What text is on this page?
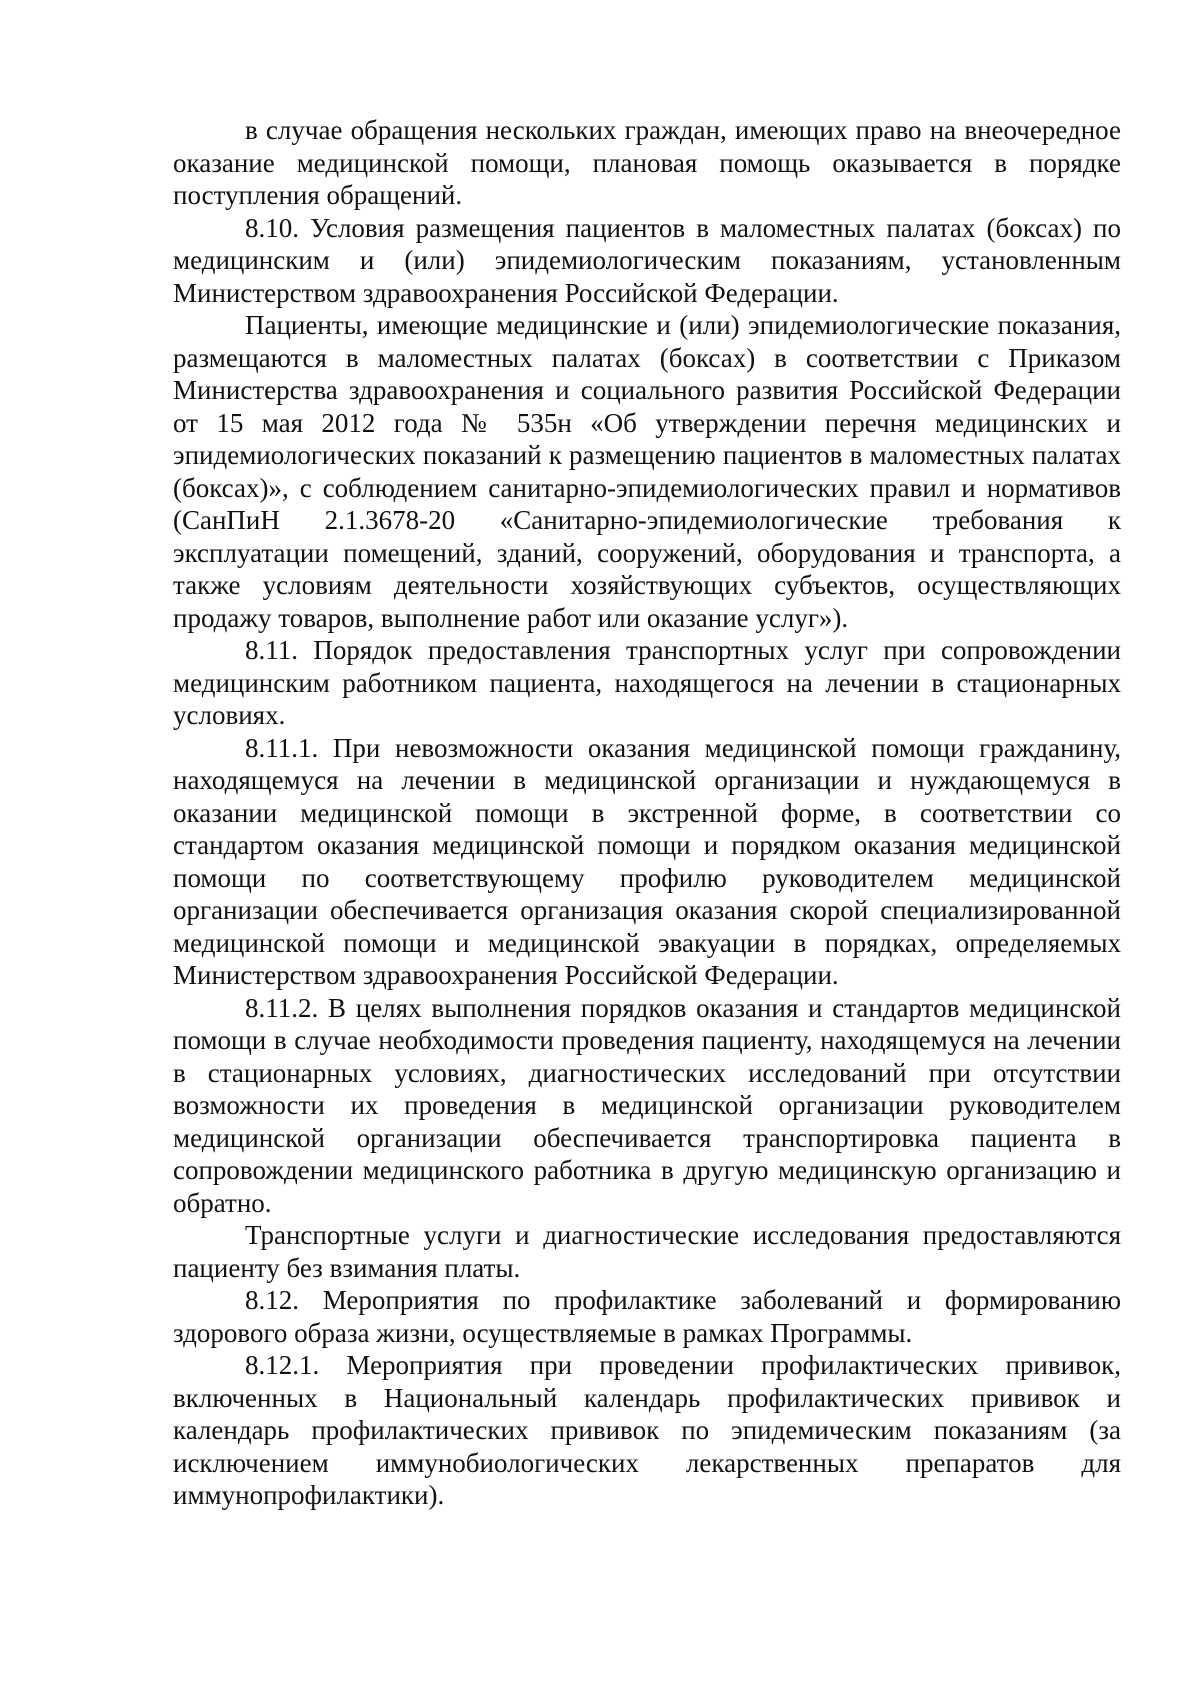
в случае обращения нескольких граждан, имеющих право на внеочередное оказание медицинской помощи, плановая помощь оказывается в порядке поступления обращений.

8.10. Условия размещения пациентов в маломестных палатах (боксах) по медицинским и (или) эпидемиологическим показаниям, установленным Министерством здравоохранения Российской Федерации.

Пациенты, имеющие медицинские и (или) эпидемиологические показания, размещаются в маломестных палатах (боксах) в соответствии с Приказом Министерства здравоохранения и социального развития Российской Федерации от 15 мая 2012 года № 535н «Об утверждении перечня медицинских и эпидемиологических показаний к размещению пациентов в маломестных палатах (боксах)», с соблюдением санитарно-эпидемиологических правил и нормативов (СанПиН 2.1.3678-20 «Санитарно-эпидемиологические требования к эксплуатации помещений, зданий, сооружений, оборудования и транспорта, а также условиям деятельности хозяйствующих субъектов, осуществляющих продажу товаров, выполнение работ или оказание услуг»).

8.11. Порядок предоставления транспортных услуг при сопровождении медицинским работником пациента, находящегося на лечении в стационарных условиях.

8.11.1. При невозможности оказания медицинской помощи гражданину, находящемуся на лечении в медицинской организации и нуждающемуся в оказании медицинской помощи в экстренной форме, в соответствии со стандартом оказания медицинской помощи и порядком оказания медицинской помощи по соответствующему профилю руководителем медицинской организации обеспечивается организация оказания скорой специализированной медицинской помощи и медицинской эвакуации в порядках, определяемых Министерством здравоохранения Российской Федерации.

8.11.2. В целях выполнения порядков оказания и стандартов медицинской помощи в случае необходимости проведения пациенту, находящемуся на лечении в стационарных условиях, диагностических исследований при отсутствии возможности их проведения в медицинской организации руководителем медицинской организации обеспечивается транспортировка пациента в сопровождении медицинского работника в другую медицинскую организацию и обратно.

Транспортные услуги и диагностические исследования предоставляются пациенту без взимания платы.

8.12. Мероприятия по профилактике заболеваний и формированию здорового образа жизни, осуществляемые в рамках Программы.

8.12.1. Мероприятия при проведении профилактических прививок, включенных в Национальный календарь профилактических прививок и календарь профилактических прививок по эпидемическим показаниям (за исключением иммунобиологических лекарственных препаратов для иммунопрофилактики).
